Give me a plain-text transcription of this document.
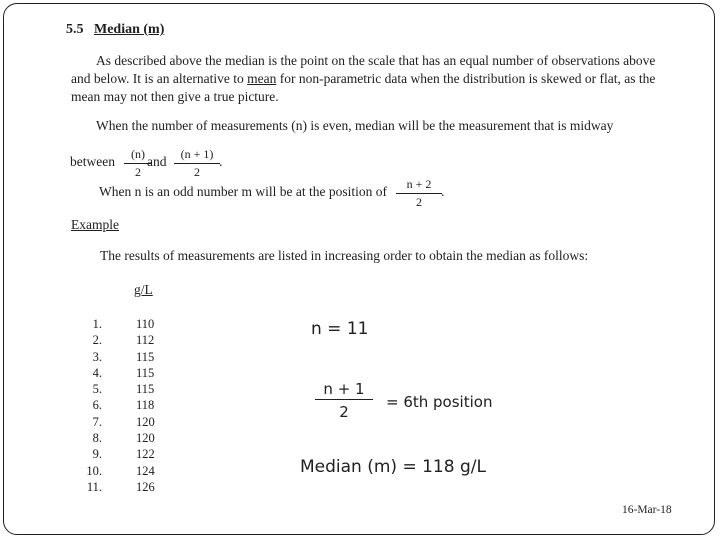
5.5 Median (m)
As described above the median is the point on the scale that has an equal number of observations above
and below. It is an alternative to mean for non-parametric data when the distribution is skewed or flat, as the
mean may not then give a true picture.
When the number of measurements (n) is even, median will be the measurement that is midway
between	(n)
2
and	(n + 1)
2
.
When n is an odd number m will be at the position of	n + 2
2
.
Example
The results of measurements are listed in increasing order to obtain the median as follows:
g/L
1.	110
2.	112
3.	115
4.	115
5.	115
6.	118
7.	120
8.	120
9.	122
10.	124
11.	126
n = 11
n + 1
2
= 6th position
Median (m) = 118 g/L
16-Mar-18
